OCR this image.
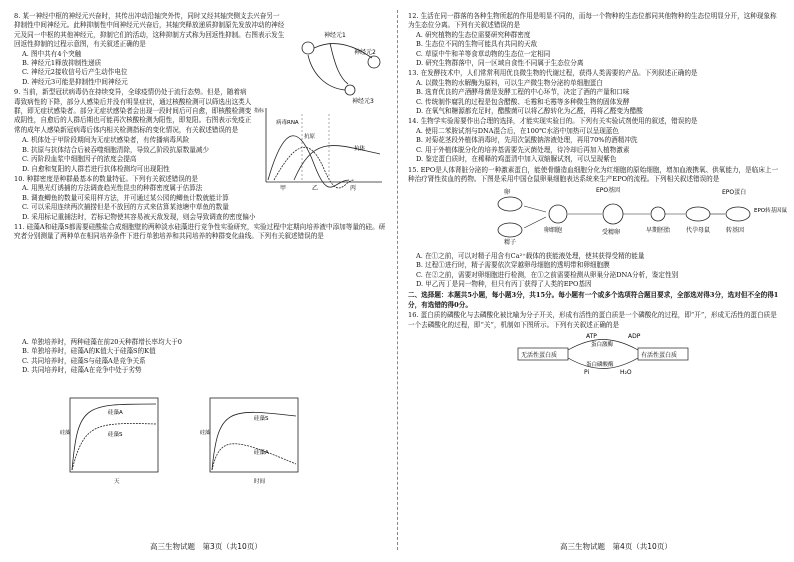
8. 某一神经中枢的神经元兴奋时，其传出冲动沿轴突外传，同时又经其轴突侧支去兴奋另一抑制性中间神经元。此种抑制性中间神经元兴奋后，其轴突释放递质抑制原先发放冲动的神经元及同一中枢的其他神经元，抑制它们的活动，这种抑制方式称为回返性抑制。右图表示发生回返性抑制的过程示意图，有关叙述正确的是
A. 图中共有4个突触
B. 神经元1释放抑制性递质
C. 神经元2接收信号后产生动作电位
D. 神经元3可能是抑制性中间神经元
9. 当前，新型冠状病毒仍在持续变异，全球疫情仍处于流行态势。但是，随着病毒致病性的下降，部分人感染后并没有明显症状，通过核酸检测可以筛选出这类人群，即无症状感染者。部分无症状感染者会出现一段时间后可自愈，即核酸检测变成阴性，自愈后的人群后期也可能再次核酸检测为阳性，即复阳。右图表示免疫正常的成年人感染新冠病毒后体内相关检测指标的变化情况，有关叙述错误的是
A. 机体处于甲阶段期间为无症状感染者，有传播病毒风险
B. 抗原与抗体结合后被吞噬细胞清除，导致乙阶段抗原数量减少
C. 丙阶段血浆中细胞因子的浓度会提高
D. 自愈和复阳的人群若进行抗体检测均可出现阳性
10. 种群密度是种群最基本的数量特征。下列有关叙述错误的是
A. 用黑光灯诱捕的方法调查趋光性昆虫的种群密度属于估算法
B. 调查鲫鱼的数量可采用样方法，并可通过某公园的鲫鱼计数就能计算
C. 可以采用连续两次捕捞但是不放回的方式来估算某池塘中草鱼的数量
D. 采用标记重捕法时，若标记物使其容易被天敌发现，则会导致调查的密度偏小
11. 硅藻A和硅藻S都需要硅酸盐合成细胞壁的两种淡水硅藻进行竞争性实验研究，实验过程中定期向培养液中添加等量的硅。研究者分别测量了两种单在相同培养条件下进行单独培养和共同培养的种群变化曲线。下列有关叙述错误的是
A. 单独培养时，两种硅藻在前20天种群增长率均大于0
B. 单独培养时，硅藻A的K值大于硅藻S的K值
C. 共同培养时，硅藻S与硅藻A是竞争关系
D. 共同培养时，硅藻A在竞争中处于劣势
神经元1
神经元2
神经元3
病毒RNA
抗原
抗体
甲	乙	丙
指标
硅藻A
硅藻S
硅藻
天
硅藻S
硅藻A
硅藻
时间
12. 生活在同一群落的各种生物所起的作用是明显不同的，而每一个物种的生态位都同其他物种的生态位明显分开，这种现象称为生态位分离。下列有关叙述错误的是
A. 研究植物的生态位需要研究种群密度
B. 生态位不同的生物可能具有共同的天敌
C. 草原中牛和羊等食草动物的生态位一定相同
D. 研究生物群落中，同一区域自食性不同属于生态位分离
13. 在发酵技术中，人们常常利用优良微生物的代谢过程，获得人类需要的产品。下列叙述正确的是
A. 以微生物的水解酶为原料，可以生产微生物分泌的单细胞蛋白
B. 选育优良的产酒酵母菌是发酵工程的中心环节，决定了酒的产量和口味
C. 传统制作腐乳的过程是包含醋酸、毛霉和毛霉等多种微生物的固体发酵
D. 在氧气和糖源都充足时，醋酸菌可以将乙醇转化为乙醛，再将乙醛变为醋酸
14. 生物学实验需要作出合理的选择，才能实现实验目的。下列有关实验试剂使用的叙述，错误的是
A. 使用二苯胺试剂与DNA混合后，在100℃水浴中加热可以呈现蓝色
B. 对菊花茎段外植体消毒时，先用次氯酸钠溶液处理，再用70%的酒精冲洗
C. 用于外植体脱分化的培养基需要先灭菌处理，待冷却后再加入植物激素
D. 鉴定蛋白质时，在稀释的鸡蛋清中加入双缩脲试剂，可以呈现紫色
15. EPO是人体肾脏分泌的一种激素蛋白，能使骨髓造血细胞分化为红细胞的原始细胞，增加血液携氧、供氧能力，是临床上一种治疗肾性贫血的药物。下图是采用中国仓鼠卵巢细胞表达系统来生产EPO的流程。下列相关叙述错误的是
卵
精子
卵细胞	受精卵
EPO基因
早期胚胎	代孕母鼠	转基因
EPO蛋白
EPO转基因鼠
A. 在①之前，可以对精子用含有Ca²⁺载体的获能液处理，使其获得受精的能量
B. 过程①进行时，精子需要依次穿越卵母细胞的透明带和卵细胞膜
C. 在②之前，需要对卵细胞进行检测，在①之前需要检测从卵巢分泌DNA分析，鉴定性别
D. 甲乙丙丁是同一物种，但只有丙丁获得了人类的EPO基因
二、选择题：本题共5小题，每小题3分，共15分。每小题有一个或多个选项符合题目要求，全部选对得3分，选对但不全的得1分，有选错的得0分。
16. 蛋白质的磷酸化与去磷酸化被比喻为分子开关，形成有活性的蛋白质是一个磷酸化的过程，即“开”，形成无活性的蛋白质是一个去磷酸化的过程，即“关”，机制如下图所示。下列有关叙述正确的是
无活性蛋白质	有活性蛋白质
ATP	ADP
蛋白激酶
蛋白磷酸酶
Pi	H₂O
高三生物试题　第3页（共10页）	高三生物试题　第4页（共10页）
